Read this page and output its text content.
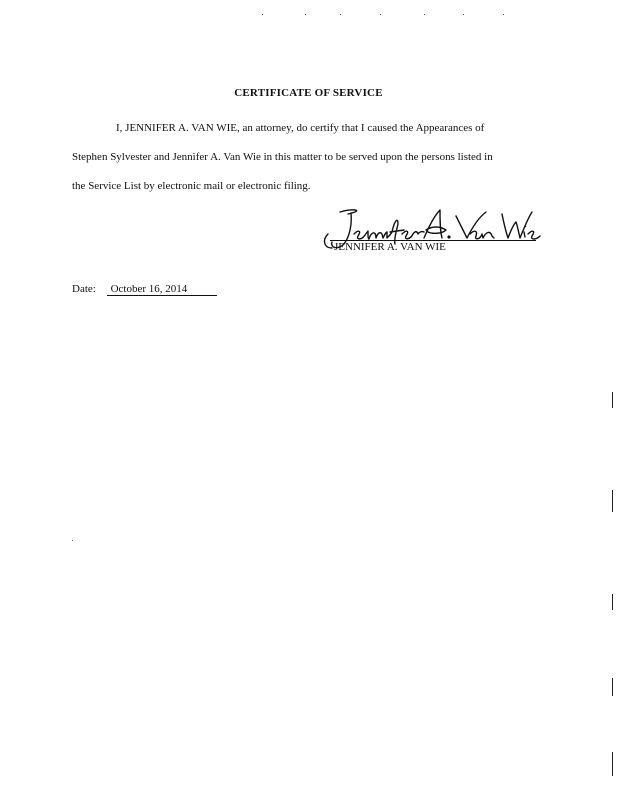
CERTIFICATE OF SERVICE
I, JENNIFER A. VAN WIE, an attorney, do certify that I caused the Appearances of
Stephen Sylvester and Jennifer A. Van Wie in this matter to be served upon the persons listed in
the Service List by electronic mail or electronic filing.
JENNIFER A. VAN WIE
Date: October 16, 2014
